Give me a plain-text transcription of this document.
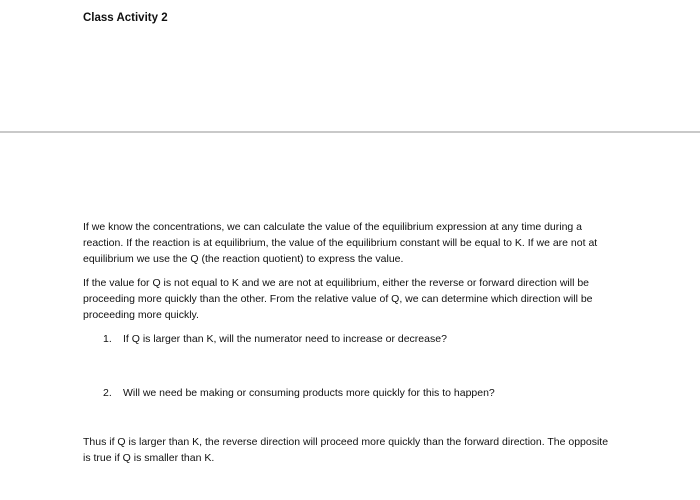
Class Activity 2

If we know the concentrations, we can calculate the value of the equilibrium expression at any time during a reaction. If the reaction is at equilibrium, the value of the equilibrium constant will be equal to K. If we are not at equilibrium we use the Q (the reaction quotient) to express the value.

If the value for Q is not equal to K and we are not at equilibrium, either the reverse or forward direction will be proceeding more quickly than the other. From the relative value of Q, we can determine which direction will be proceeding more quickly.

1. If Q is larger than K, will the numerator need to increase or decrease?
2. Will we need be making or consuming products more quickly for this to happen?

Thus if Q is larger than K, the reverse direction will proceed more quickly than the forward direction. The opposite is true if Q is smaller than K.
